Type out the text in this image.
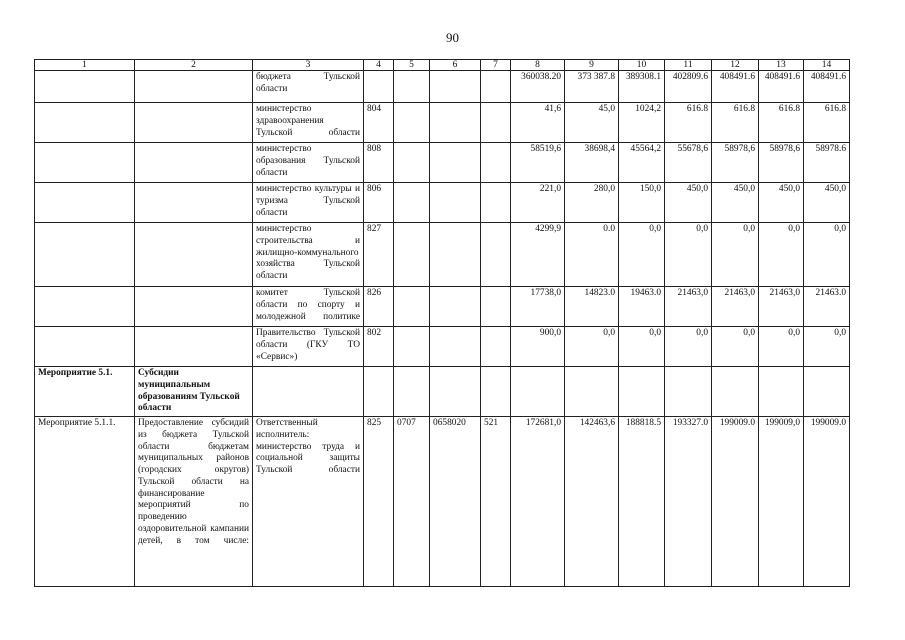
90
1	2	3	4	5	6	7	8	9	10	11	12	13	14
		бюджета Тульской области					360038.20	373 387.8	389308.1	402809.6	408491.6	408491.6	408491.6
		министерство здравоохранения Тульской области	804				41,6	45,0	1024,2	616.8	616.8	616.8	616.8
		министерство образования Тульской области	808				58519,6	38698,4	45564,2	55678,6	58978,6	58978,6	58978.6
		министерство культуры и туризма Тульской области	806				221,0	280,0	150,0	450,0	450,0	450,0	450,0
		министерство строительства и жилищно-коммунального хозяйства Тульской области	827				4299,9	0.0	0,0	0,0	0,0	0,0	0,0
		комитет Тульской области по спорту и молодежной политике	826				17738,0	14823.0	19463.0	21463,0	21463,0	21463,0	21463.0
		Правительство Тульской области (ГКУ ТО «Сервис»)	802				900,0	0,0	0,0	0,0	0,0	0,0	0,0
Мероприятие 5.1.	Субсидии муниципальным образованиям Тульской области												
Мероприятие 5.1.1.	Предоставление субсидий из бюджета Тульской области бюджетам муниципальных районов (городских округов) Тульской области на финансирование мероприятий по проведению оздоровительной кампании детей, в том числе:	Ответственный исполнитель: министерство труда и социальной защиты Тульской области	825	0707	0658020	521	172681,0	142463,6	188818.5	193327.0	199009.0	199009,0	199009.0
